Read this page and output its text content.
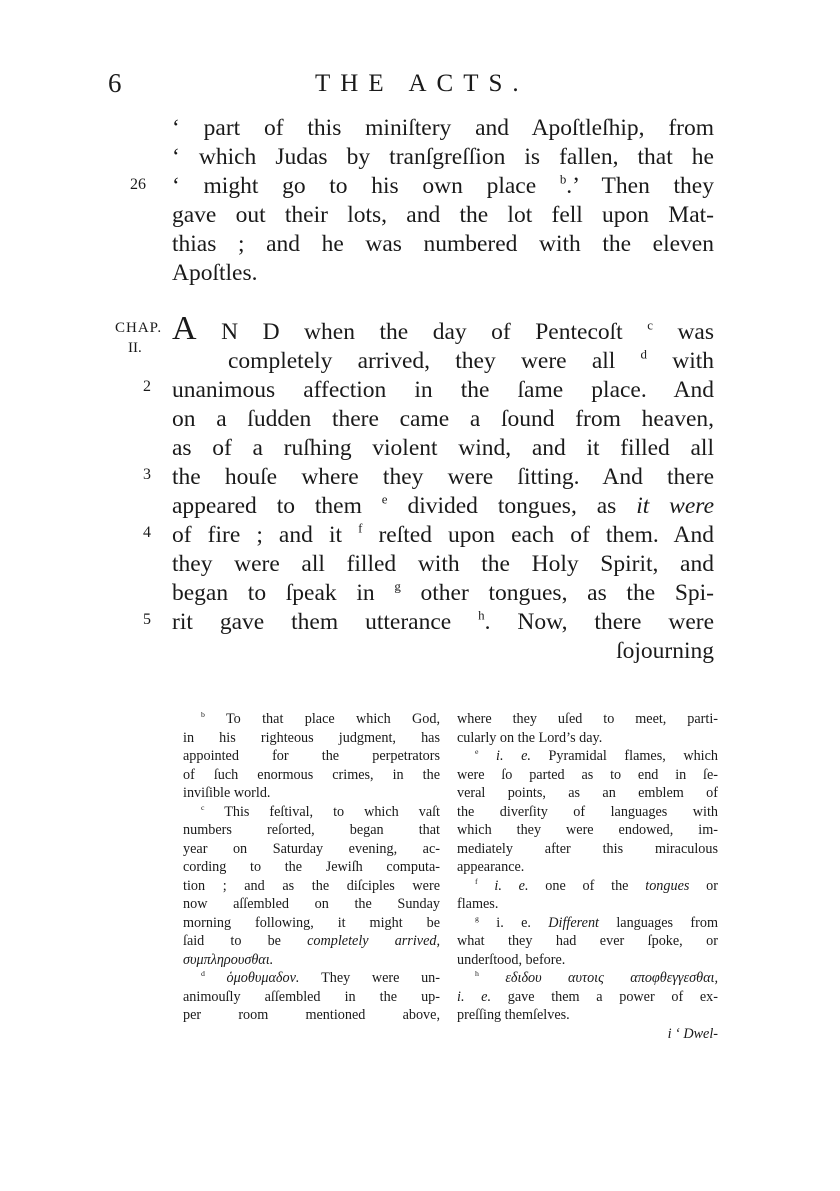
6	THE ACTS.
26
2
3
4
5
CHAP.
II.
‘ part of this miniſtery and Apoſtleſhip, from
‘ which Judas by tranſgreſſion is fallen, that he
‘ might go to his own place $^b$.’ Then they
gave out their lots, and the lot fell upon Mat-
thias ; and he was numbered with the eleven
Apoſtles.
A N D when the day of Pentecoſt $^c$ was
completely arrived, they were all $^d$ with
unanimous affection in the ſame place. And
on a ſudden there came a ſound from heaven,
as of a ruſhing violent wind, and it filled all
the houſe where they were ſitting. And there
appeared to them $^e$ divided tongues, as it were
of fire ; and it $^f$ reſted upon each of them. And
they were all filled with the Holy Spirit, and
began to ſpeak in $^g$ other tongues, as the Spi-
rit gave them utterance $^h$. Now, there were
ſojourning
$^b$ To that place which God,
in his righteous judgment, has
appointed for the perpetrators
of ſuch enormous crimes, in the
inviſible world.
$^c$ This feſtival, to which vaſt
numbers reſorted, began that
year on Saturday evening, ac-
cording to the Jewiſh computa-
tion ; and as the diſciples were
now aſſembled on the Sunday
morning following, it might be
ſaid to be completely arrived,
συμπληρουσθαι.
$^d$ ὁμοθυμαδον. They were un-
animouſly aſſembled in the up-
per room mentioned above,
where they uſed to meet, parti-
cularly on the Lord’s day.
$^e$ i. e. Pyramidal flames, which
were ſo parted as to end in ſe-
veral points, as an emblem of
the diverſity of languages with
which they were endowed, im-
mediately after this miraculous
appearance.
$^f$ i. e. one of the tongues or
flames.
$^g$ i. e. Different languages from
what they had ever ſpoke, or
underſtood, before.
$^h$ εδιδου αυτοις αποφθεγγεσθαι,
i. e. gave them a power of ex-
preſſing themſelves.
i ‘ Dwel-
